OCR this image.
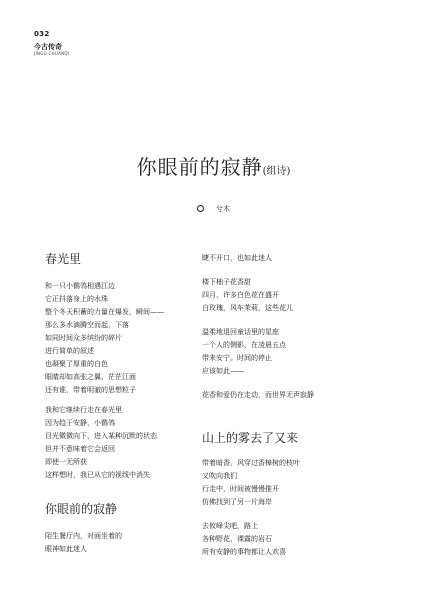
032
今古传奇
JINGU CHUANQI
你眼前的寂静(组诗)
兮木
春光里
和一只小鹡鸰相遇江边
它正抖落身上的水珠
整个冬天积蓄的力量在爆发，瞬间——
那么多水滴腾空而起，下落
如同时间众多缤纷的碎片
进行简单的叙述
也凝聚了厚重的白色
眼睛却如高张之翼，茫茫江面
还有谁，带着明澈的思想粒子
我和它继续行走在春光里
因为趋于安静，小鹡鸰
目光微微向下，进入某种沉默的状态
但并不意味着它会返回
即使一无所获
这样想时，我已从它的视线中消失
你眼前的寂静
陌生餐厅内，对面坐着的
眼神如此迷人
睫不开口，也如此迷人
楼下柚子花香甜
四月，许多白色花在盛开
白玫瑰，风车茉莉，这些花儿
温柔地退回童话里的星座
一个人的侧影，在凌晨五点
带来安宁。时间的停止
应该如此——
花香和爱仍在走动，而世界无声寂静
山上的雾去了又来
带着暗香，风穿过香樟树的枝叶
又吹向我们
行走中，时间被慢慢推开
仿佛找到了另一片海岸
去攸峰尖吧，路上
各种野花，裸露的岩石
所有安静的事物都让人欢喜
